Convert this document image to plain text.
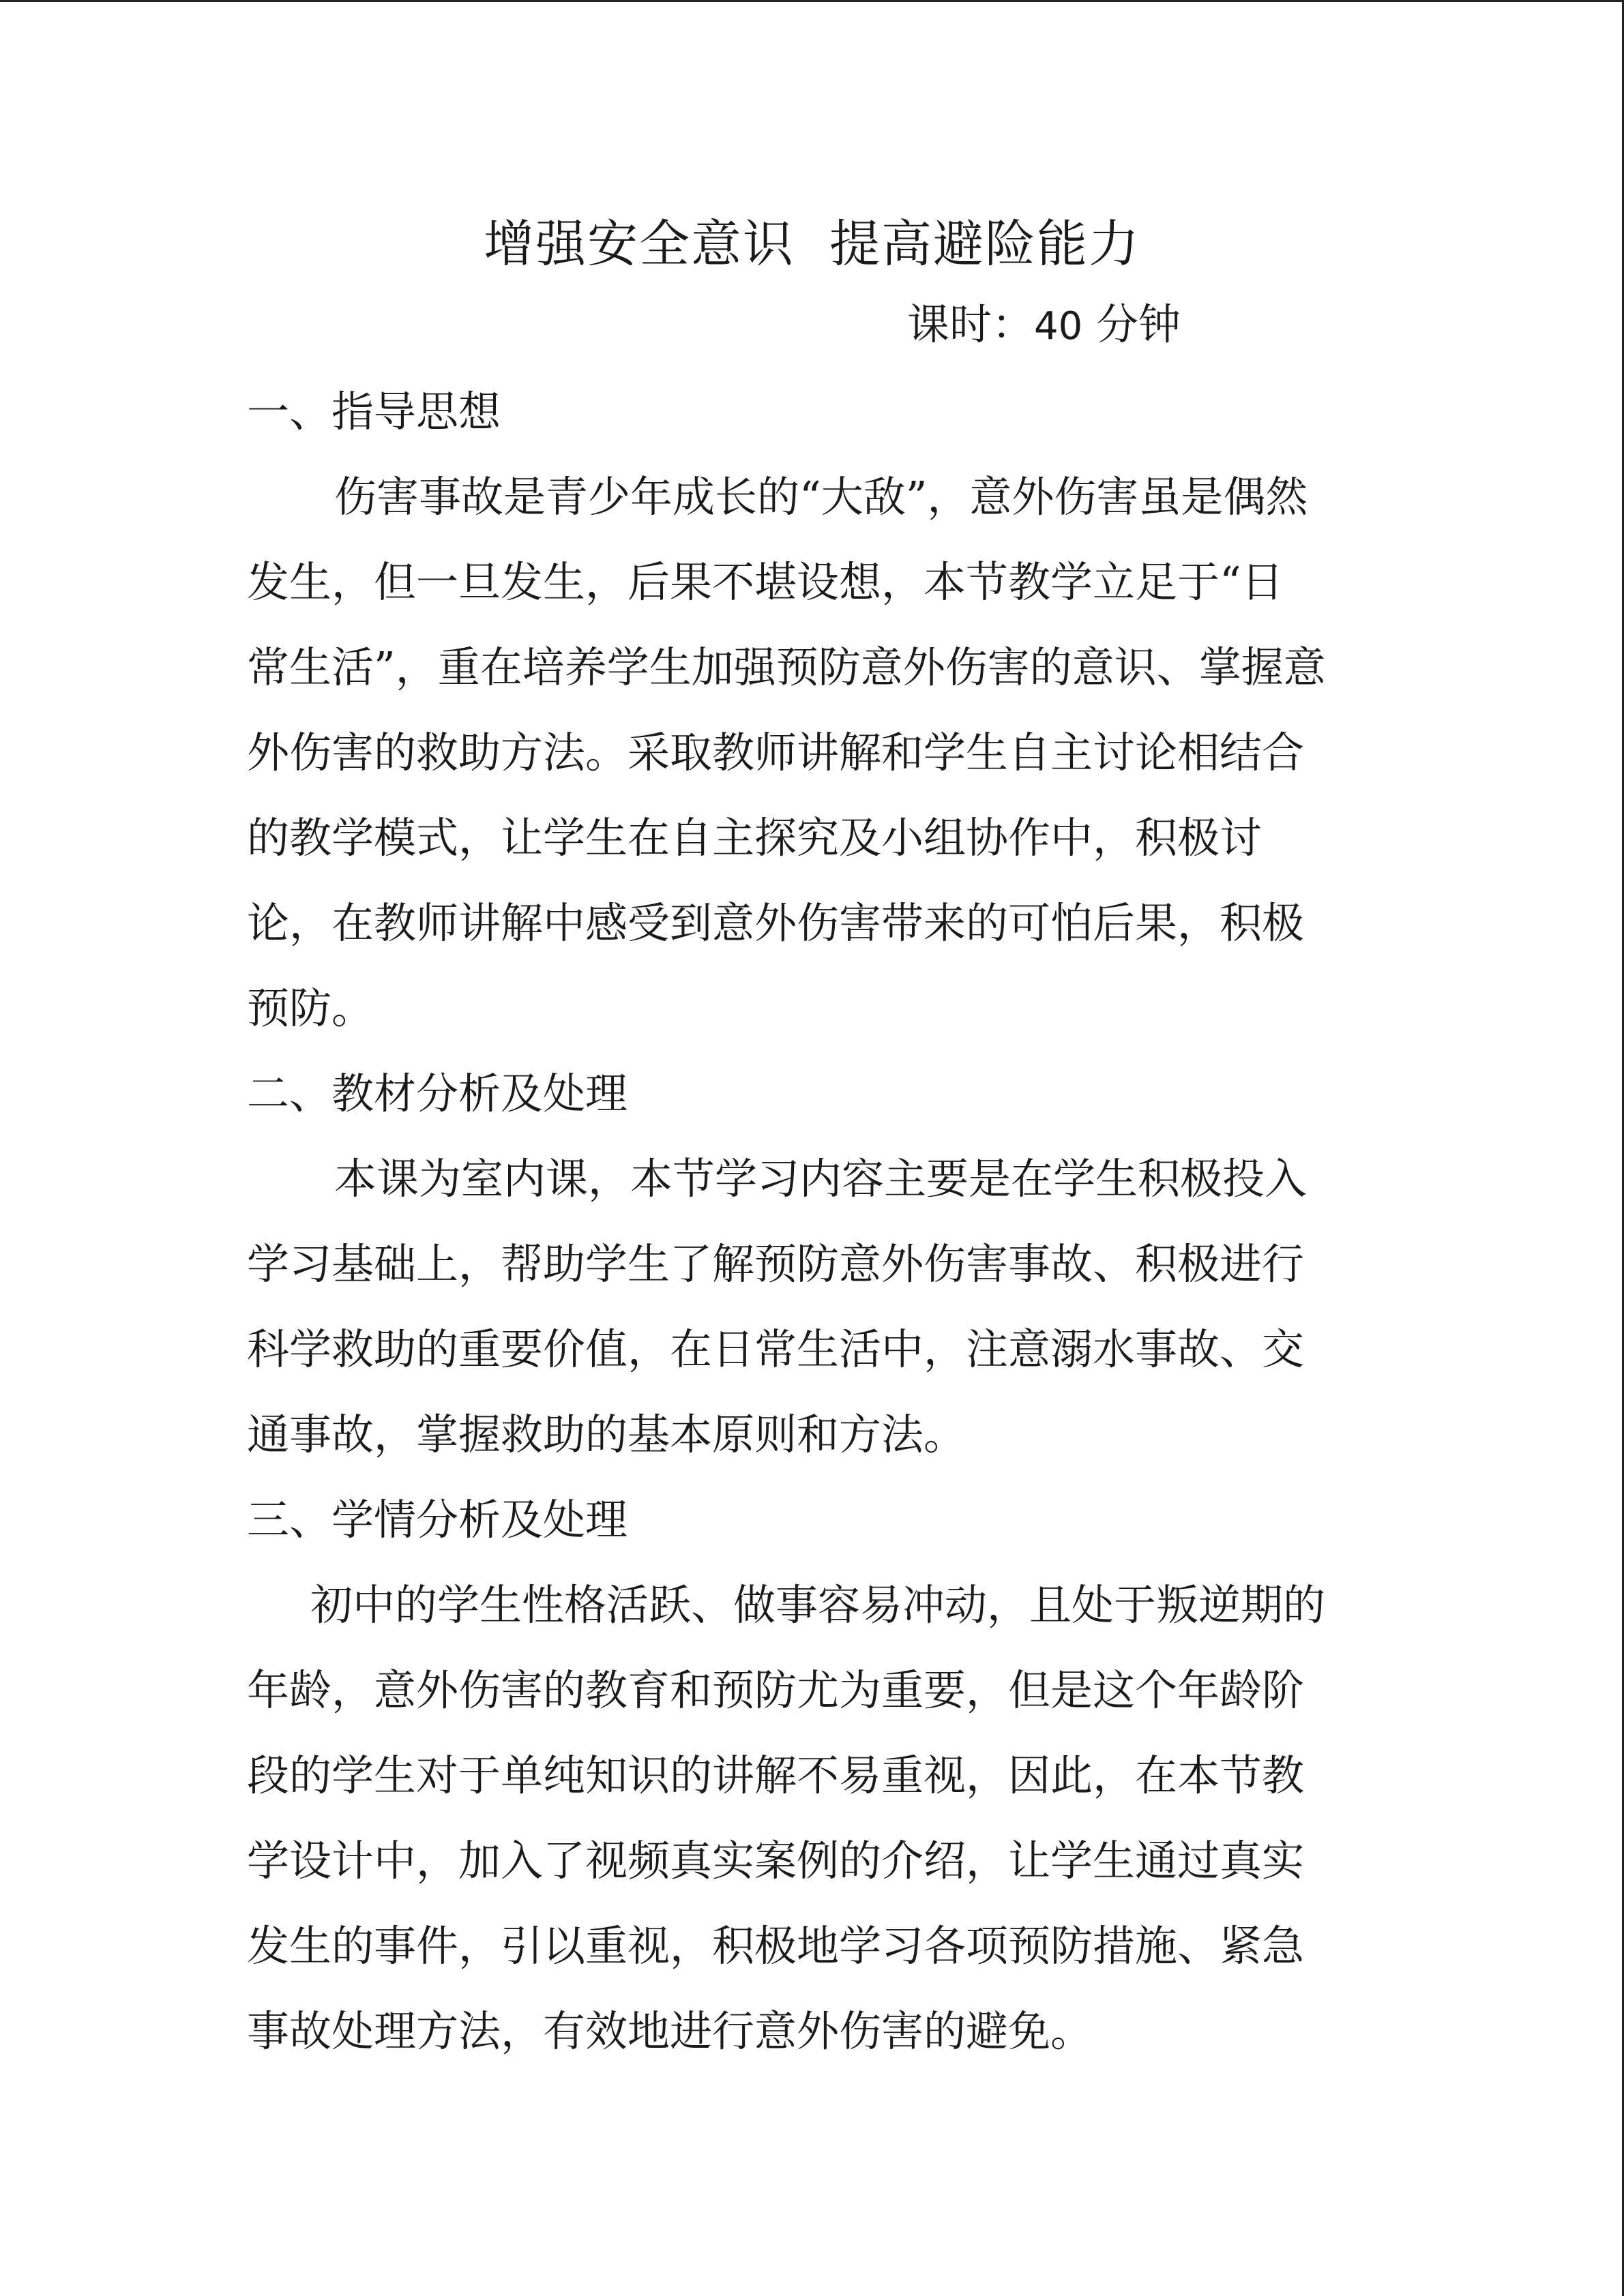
增强安全意识  提高避险能力
课时：40 分钟
一、指导思想
伤害事故是青少年成长的“大敌”，意外伤害虽是偶然
发生，但一旦发生，后果不堪设想，本节教学立足于“日
常生活”，重在培养学生加强预防意外伤害的意识、掌握意
外伤害的救助方法。采取教师讲解和学生自主讨论相结合
的教学模式，让学生在自主探究及小组协作中，积极讨
论，在教师讲解中感受到意外伤害带来的可怕后果，积极
预防。
二、教材分析及处理
本课为室内课，本节学习内容主要是在学生积极投入
学习基础上，帮助学生了解预防意外伤害事故、积极进行
科学救助的重要价值，在日常生活中，注意溺水事故、交
通事故，掌握救助的基本原则和方法。
三、学情分析及处理
初中的学生性格活跃、做事容易冲动，且处于叛逆期的
年龄，意外伤害的教育和预防尤为重要，但是这个年龄阶
段的学生对于单纯知识的讲解不易重视，因此，在本节教
学设计中，加入了视频真实案例的介绍，让学生通过真实
发生的事件，引以重视，积极地学习各项预防措施、紧急
事故处理方法，有效地进行意外伤害的避免。
